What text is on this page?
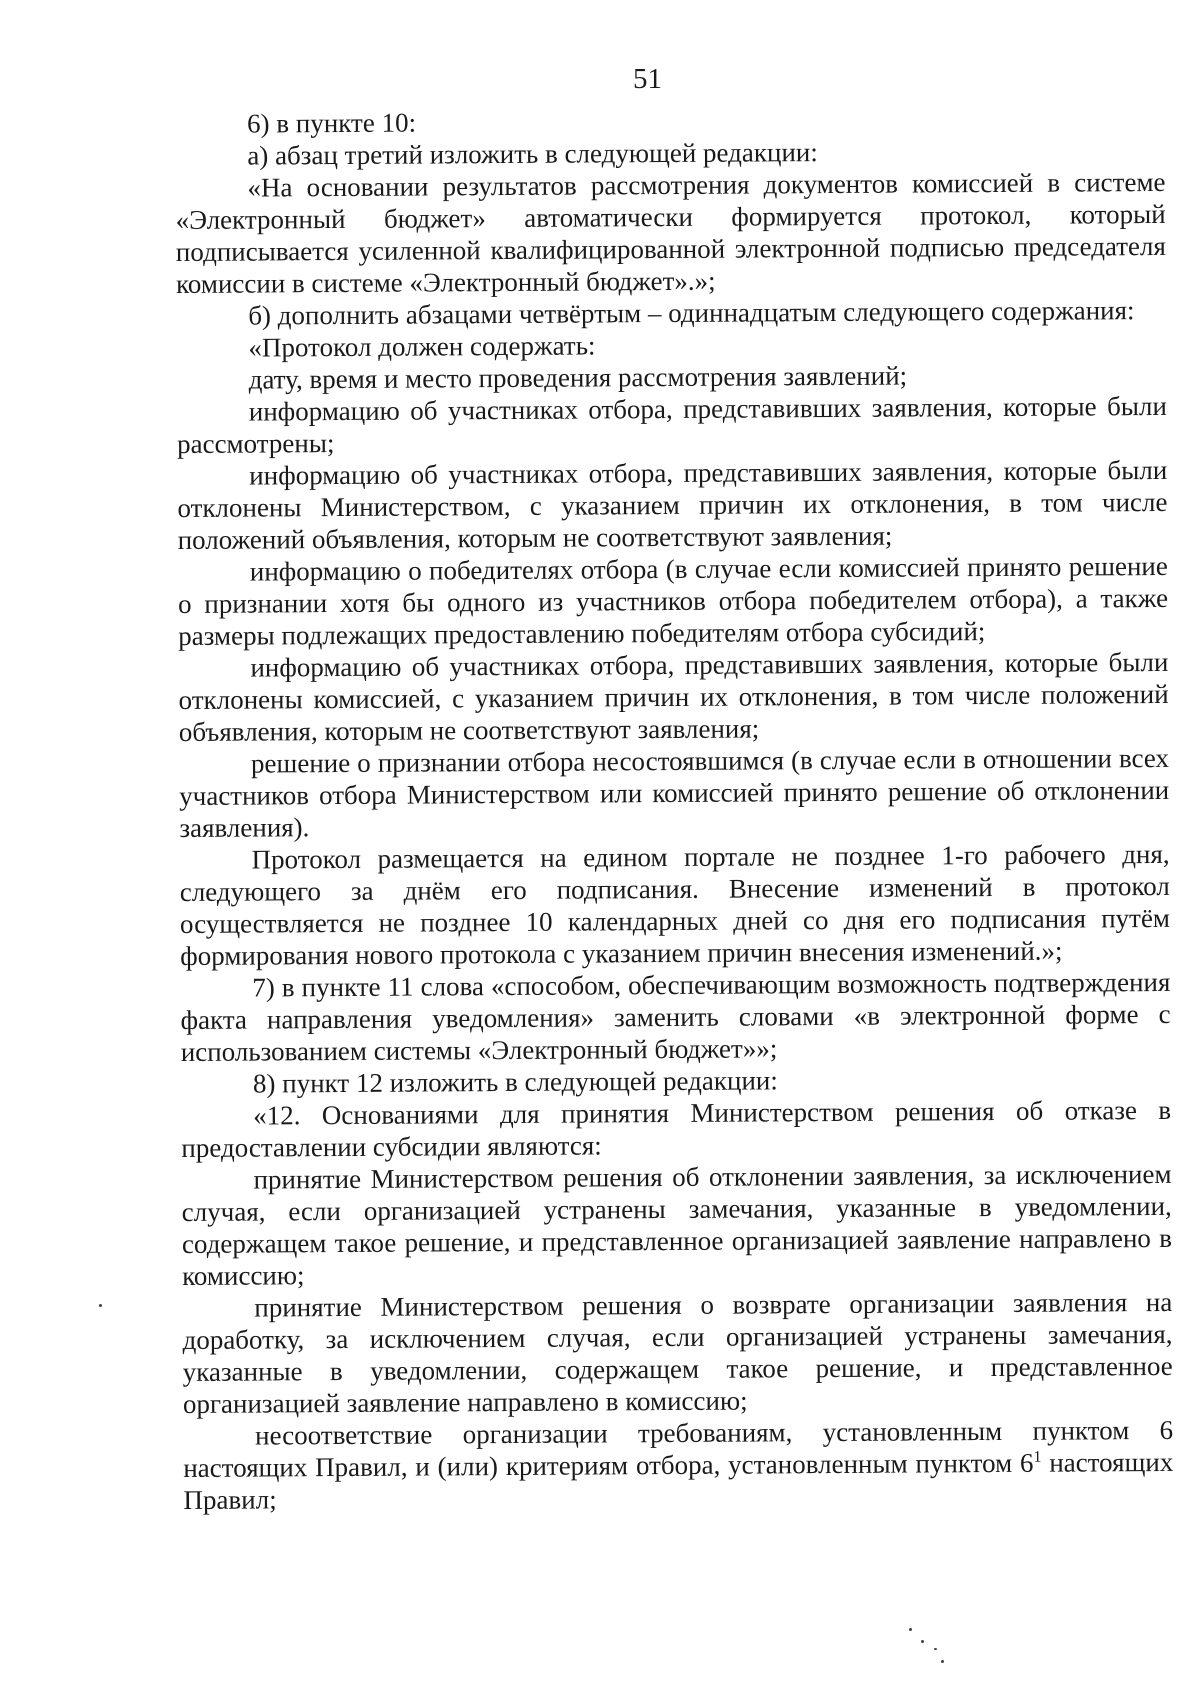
51

6) в пункте 10:

а) абзац третий изложить в следующей редакции:

«На основании результатов рассмотрения документов комиссией в системе «Электронный бюджет» автоматически формируется протокол, который подписывается усиленной квалифицированной электронной подписью председателя комиссии в системе «Электронный бюджет».»;

б) дополнить абзацами четвёртым – одиннадцатым следующего содержания:

«Протокол должен содержать:

дату, время и место проведения рассмотрения заявлений;

информацию об участниках отбора, представивших заявления, которые были рассмотрены;

информацию об участниках отбора, представивших заявления, которые были отклонены Министерством, с указанием причин их отклонения, в том числе положений объявления, которым не соответствуют заявления;

информацию о победителях отбора (в случае если комиссией принято решение о признании хотя бы одного из участников отбора победителем отбора), а также размеры подлежащих предоставлению победителям отбора субсидий;

информацию об участниках отбора, представивших заявления, которые были отклонены комиссией, с указанием причин их отклонения, в том числе положений объявления, которым не соответствуют заявления;

решение о признании отбора несостоявшимся (в случае если в отношении всех участников отбора Министерством или комиссией принято решение об отклонении заявления).

Протокол размещается на едином портале не позднее 1-го рабочего дня, следующего за днём его подписания. Внесение изменений в протокол осуществляется не позднее 10 календарных дней со дня его подписания путём формирования нового протокола с указанием причин внесения изменений.»;

7) в пункте 11 слова «способом, обеспечивающим возможность подтверждения факта направления уведомления» заменить словами «в электронной форме с использованием системы «Электронный бюджет»»;

8) пункт 12 изложить в следующей редакции:

«12. Основаниями для принятия Министерством решения об отказе в предоставлении субсидии являются:

принятие Министерством решения об отклонении заявления, за исключением случая, если организацией устранены замечания, указанные в уведомлении, содержащем такое решение, и представленное организацией заявление направлено в комиссию;

принятие Министерством решения о возврате организации заявления на доработку, за исключением случая, если организацией устранены замечания, указанные в уведомлении, содержащем такое решение, и представленное организацией заявление направлено в комиссию;

несоответствие организации требованиям, установленным пунктом 6 настоящих Правил, и (или) критериям отбора, установленным пунктом $6^1$ настоящих Правил;
